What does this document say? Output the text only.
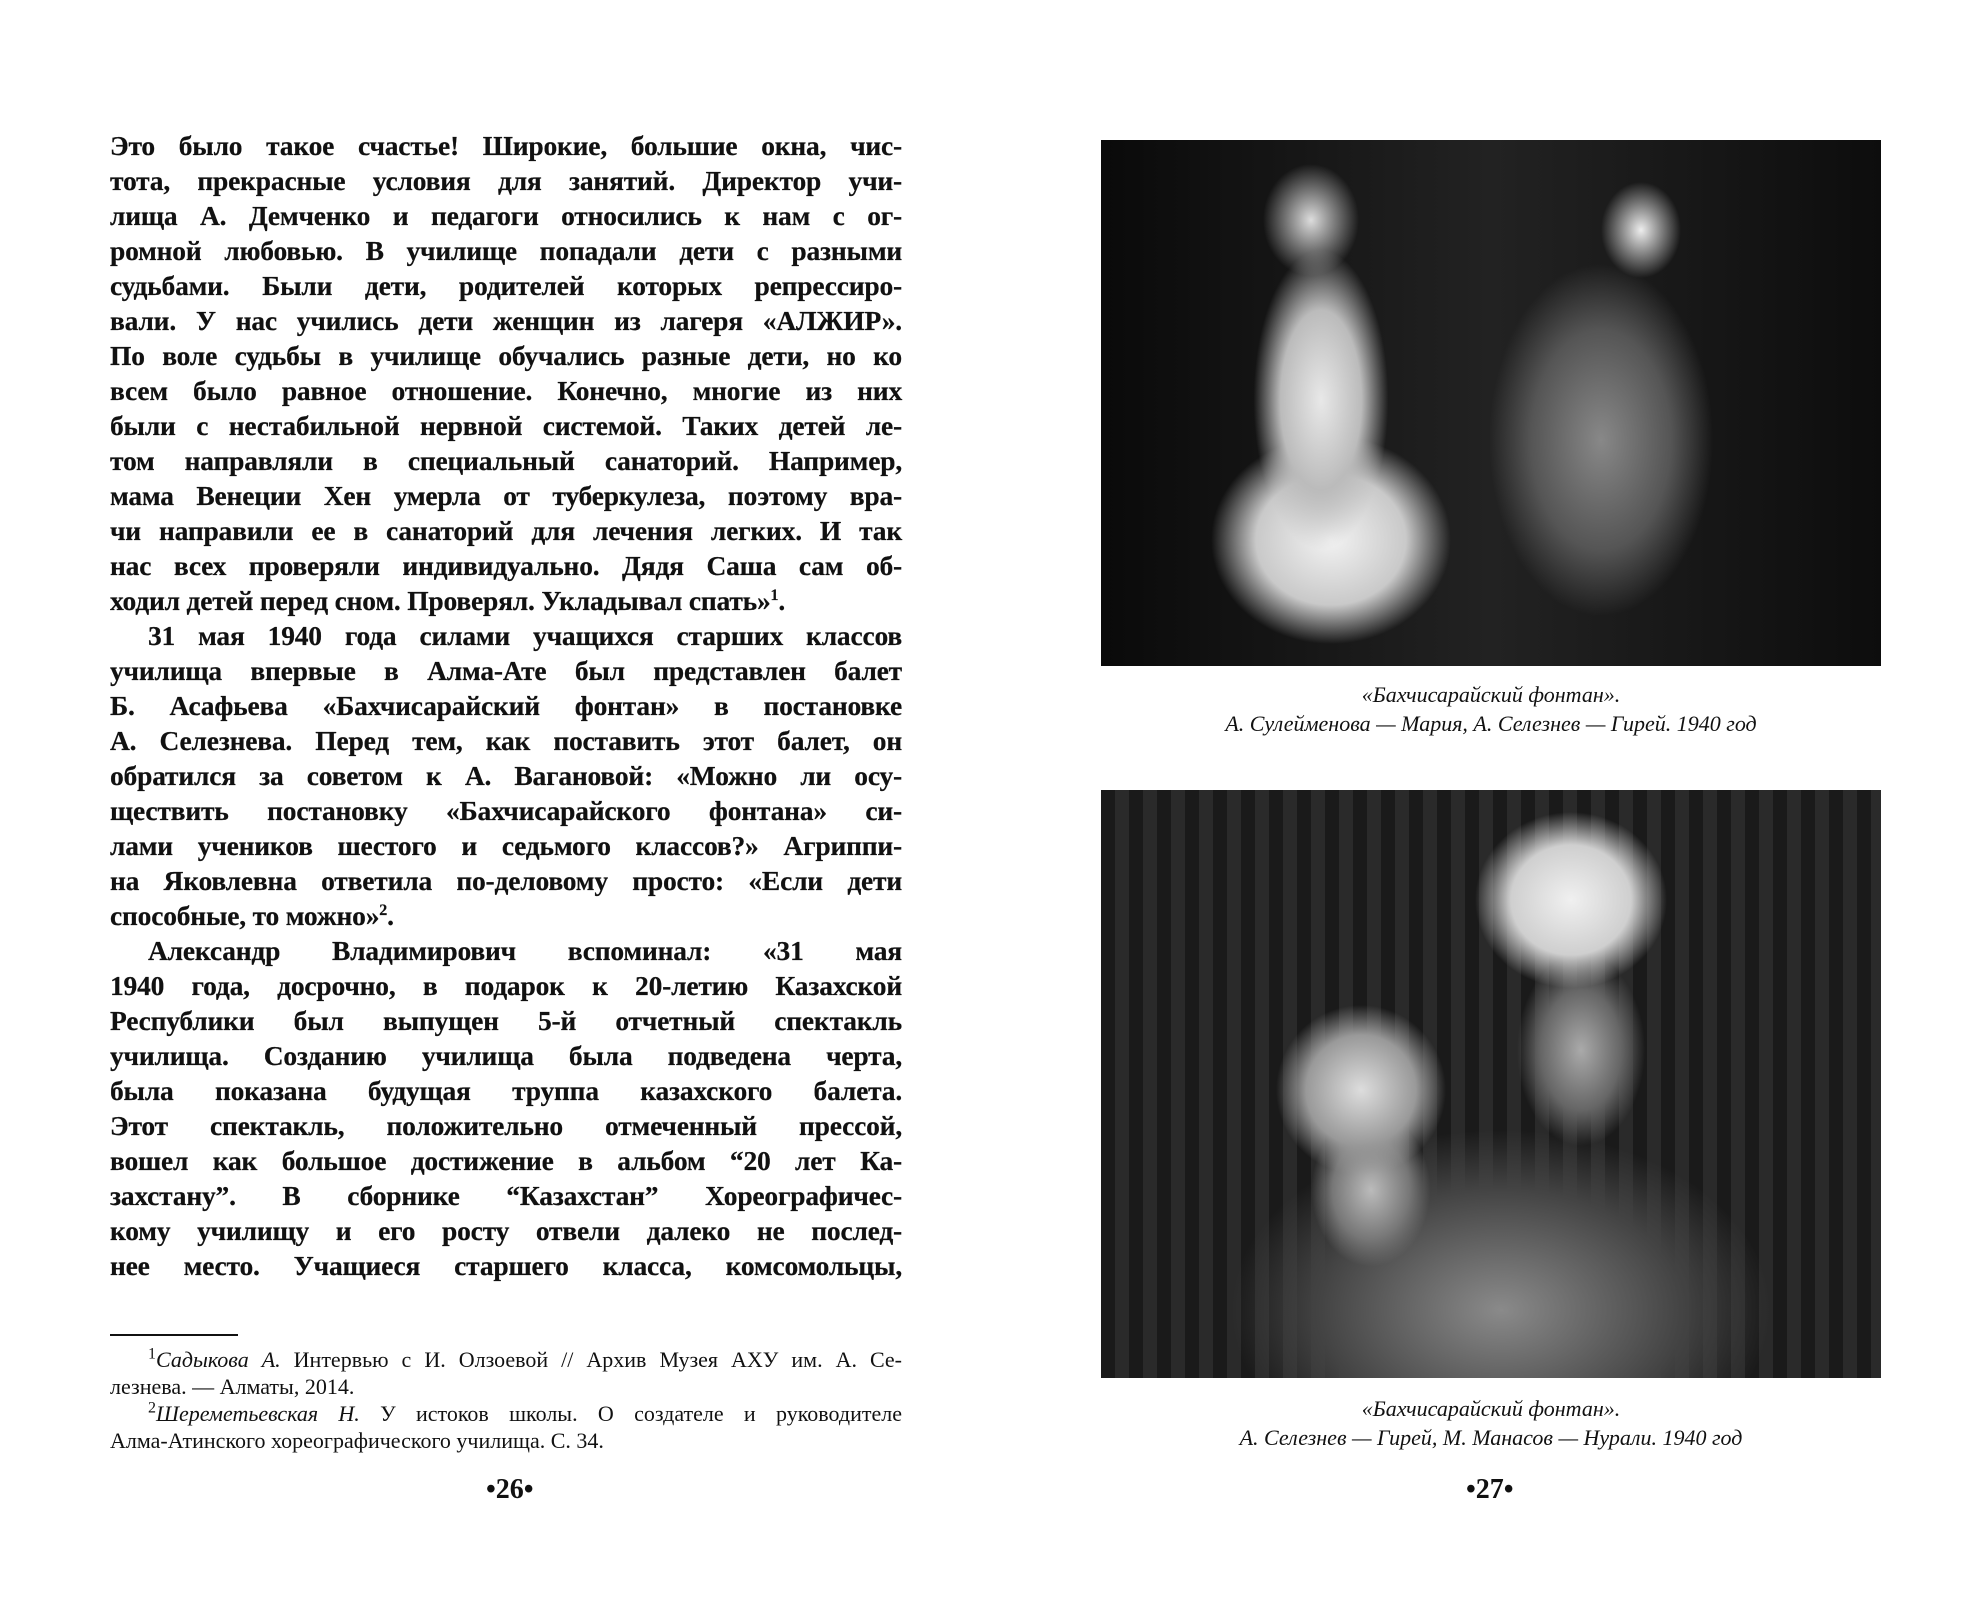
Это было такое счастье! Широкие, большие окна, чис-
тота, прекрасные условия для занятий. Директор учи-
лища А. Демченко и педагоги относились к нам с ог-
ромной любовью. В училище попадали дети с разными
судьбами. Были дети, родителей которых репрессиро-
вали. У нас учились дети женщин из лагеря «АЛЖИР».
По воле судьбы в училище обучались разные дети, но ко
всем было равное отношение. Конечно, многие из них
были с нестабильной нервной системой. Таких детей ле-
том направляли в специальный санаторий. Например,
мама Венеции Хен умерла от туберкулеза, поэтому вра-
чи направили ее в санаторий для лечения легких. И так
нас всех проверяли индивидуально. Дядя Саша сам об-
ходил детей перед сном. Проверял. Укладывал спать»$^1$.
31 мая 1940 года силами учащихся старших классов
училища впервые в Алма-Ате был представлен балет
Б. Асафьева «Бахчисарайский фонтан» в постановке
А. Селезнева. Перед тем, как поставить этот балет, он
обратился за советом к А. Вагановой: «Можно ли осу-
ществить постановку «Бахчисарайского фонтана» си-
лами учеников шестого и седьмого классов?» Агриппи-
на Яковлевна ответила по-деловому просто: «Если дети
способные, то можно»$^2$.
Александр Владимирович вспоминал: «31 мая
1940 года, досрочно, в подарок к 20-летию Казахской
Республики был выпущен 5-й отчетный спектакль
училища. Созданию училища была подведена черта,
была показана будущая труппа казахского балета.
Этот спектакль, положительно отмеченный прессой,
вошел как большое достижение в альбом “20 лет Ка-
захстану”. В сборнике “Казахстан” Хореографичес-
кому училищу и его росту отвели далеко не послед-
нее место. Учащиеся старшего класса, комсомольцы,
$^1$Садыкова А. Интервью с И. Олзоевой // Архив Музея АХУ им. А. Се-
лезнева. — Алматы, 2014.
$^2$Шереметьевская Н. У истоков школы. О создателе и руководителе
Алма-Атинского хореографического училища. С. 34.
•26•
«Бахчисарайский фонтан».
А. Сулейменова — Мария, А. Селезнев — Гирей. 1940 год
«Бахчисарайский фонтан».
А. Селезнев — Гирей, М. Манасов — Нурали. 1940 год
•27•
